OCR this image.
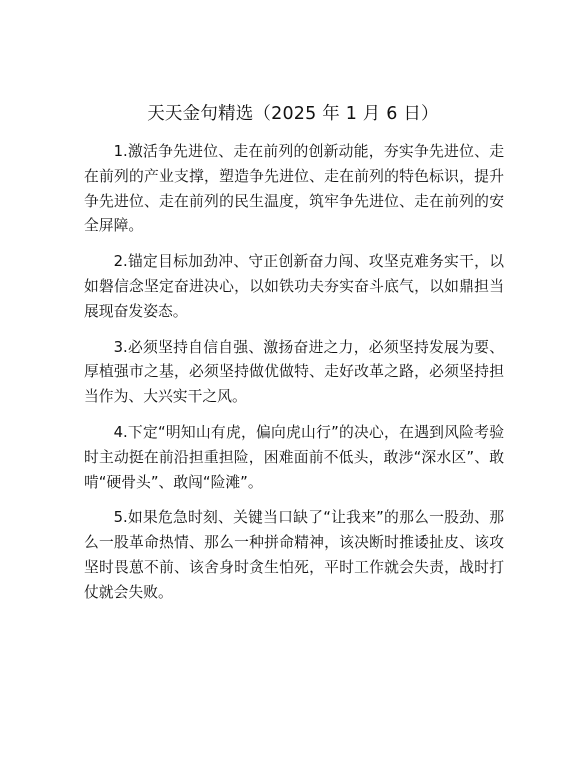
天天金句精选（2025 年 1 月 6 日）

1.激活争先进位、走在前列的创新动能，夯实争先进位、走在前列的产业支撑，塑造争先进位、走在前列的特色标识，提升争先进位、走在前列的民生温度，筑牢争先进位、走在前列的安全屏障。

2.锚定目标加劲冲、守正创新奋力闯、攻坚克难务实干，以如磐信念坚定奋进决心，以如铁功夫夯实奋斗底气，以如鼎担当展现奋发姿态。

3.必须坚持自信自强、激扬奋进之力，必须坚持发展为要、厚植强市之基，必须坚持做优做特、走好改革之路，必须坚持担当作为、大兴实干之风。

4.下定“明知山有虎，偏向虎山行”的决心，在遇到风险考验时主动挺在前沿担重担险，困难面前不低头，敢涉“深水区”、敢啃“硬骨头”、敢闯“险滩”。

5.如果危急时刻、关键当口缺了“让我来”的那么一股劲、那么一股革命热情、那么一种拼命精神，该决断时推诿扯皮、该攻坚时畏葸不前、该舍身时贪生怕死，平时工作就会失责，战时打仗就会失败。
